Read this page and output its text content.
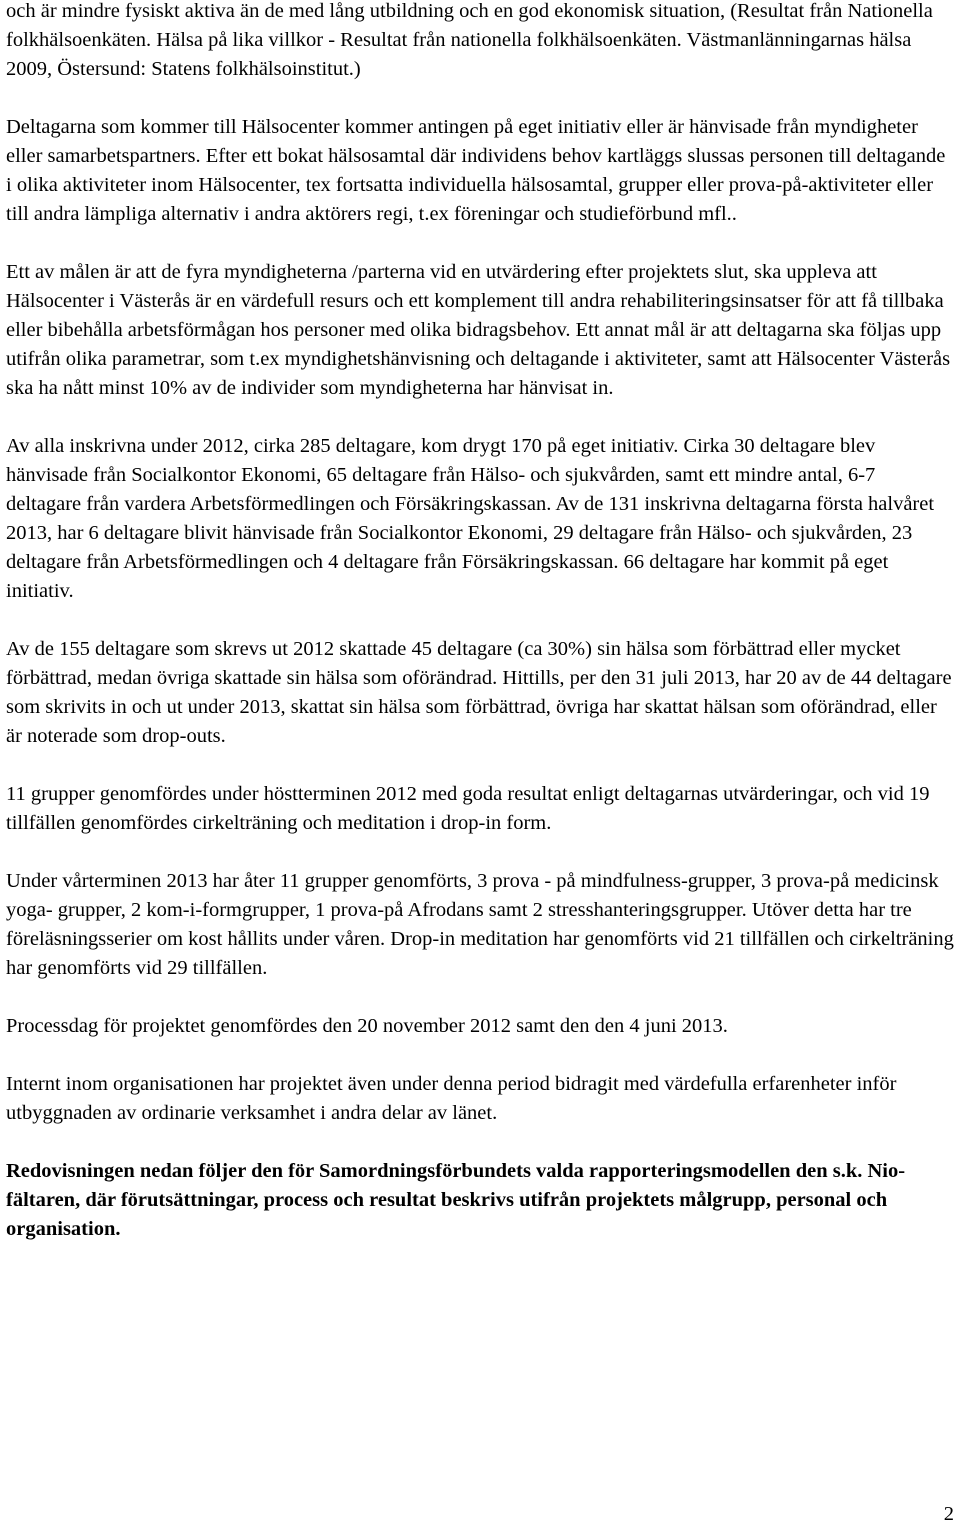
och är mindre fysiskt aktiva än de med lång utbildning och en god ekonomisk situation, (Resultat från Nationella folkhälsoenkäten. Hälsa på lika villkor - Resultat från nationella folkhälsoenkäten. Västmanlänningarnas hälsa 2009, Östersund: Statens folkhälsoinstitut.)

Deltagarna som kommer till Hälsocenter kommer antingen på eget initiativ eller är hänvisade från myndigheter eller samarbetspartners. Efter ett bokat hälsosamtal där individens behov kartläggs slussas personen till deltagande i olika aktiviteter inom Hälsocenter, tex fortsatta individuella hälsosamtal, grupper eller prova-på-aktiviteter eller till andra lämpliga alternativ i andra aktörers regi, t.ex föreningar och studieförbund mfl..

Ett av målen är att de fyra myndigheterna /parterna vid en utvärdering efter projektets slut, ska uppleva att Hälsocenter i Västerås är en värdefull resurs och ett komplement till andra rehabiliteringsinsatser för att få tillbaka eller bibehålla arbetsförmågan hos personer med olika bidragsbehov. Ett annat mål är att deltagarna ska följas upp utifrån olika parametrar, som t.ex myndighetshänvisning och deltagande i aktiviteter, samt att Hälsocenter Västerås ska ha nått minst 10% av de individer som myndigheterna har hänvisat in.

Av alla inskrivna under 2012, cirka 285 deltagare, kom drygt 170 på eget initiativ. Cirka 30 deltagare blev hänvisade från Socialkontor Ekonomi, 65 deltagare från Hälso- och sjukvården, samt ett mindre antal, 6-7 deltagare från vardera Arbetsförmedlingen och Försäkringskassan. Av de 131 inskrivna deltagarna första halvåret 2013, har 6 deltagare blivit hänvisade från Socialkontor Ekonomi, 29 deltagare från Hälso- och sjukvården, 23 deltagare från Arbetsförmedlingen och 4 deltagare från Försäkringskassan. 66 deltagare har kommit på eget initiativ.

Av de 155 deltagare som skrevs ut 2012 skattade 45 deltagare (ca 30%) sin hälsa som förbättrad eller mycket förbättrad, medan övriga skattade sin hälsa som oförändrad. Hittills, per den 31 juli 2013, har 20 av de 44 deltagare som skrivits in och ut under 2013, skattat sin hälsa som förbättrad, övriga har skattat hälsan som oförändrad, eller är noterade som drop-outs.

11 grupper genomfördes under höstterminen 2012 med goda resultat enligt deltagarnas utvärderingar, och vid 19 tillfällen genomfördes cirkelträning och meditation i drop-in form.

Under vårterminen 2013 har åter 11 grupper genomförts, 3 prova - på mindfulness-grupper, 3 prova-på medicinsk yoga- grupper, 2 kom-i-formgrupper, 1 prova-på Afrodans samt 2 stresshanteringsgrupper. Utöver detta har tre föreläsningsserier om kost hållits under våren. Drop-in meditation har genomförts vid 21 tillfällen och cirkelträning har genomförts vid 29 tillfällen.

Processdag för projektet genomfördes den 20 november 2012 samt den den 4 juni 2013.

Internt inom organisationen har projektet även under denna period bidragit med värdefulla erfarenheter inför utbyggnaden av ordinarie verksamhet i andra delar av länet.

Redovisningen nedan följer den för Samordningsförbundets valda rapporteringsmodellen den s.k. Nio-fältaren, där förutsättningar, process och resultat beskrivs utifrån projektets målgrupp, personal och organisation.

2
